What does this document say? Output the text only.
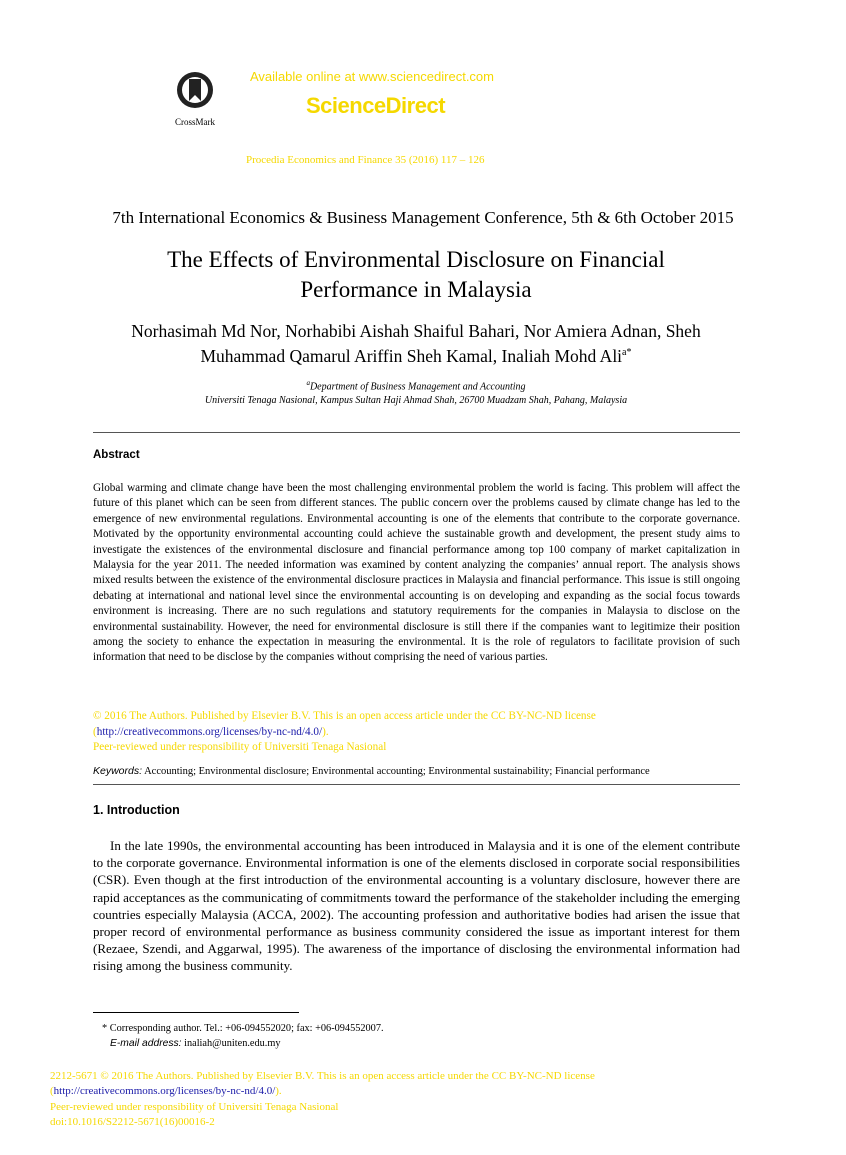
CrossMark
Available online at www.sciencedirect.com
ScienceDirect
Procedia Economics and Finance 35 (2016) 117 – 126
7th International Economics & Business Management Conference, 5th & 6th October 2015
The Effects of Environmental Disclosure on Financial
Performance in Malaysia
Norhasimah Md Nor, Norhabibi Aishah Shaiful Bahari, Nor Amiera Adnan, Sheh
Muhammad Qamarul Ariffin Sheh Kamal, Inaliah Mohd Ali$^{a*}$
$^a$Department of Business Management and Accounting
Universiti Tenaga Nasional, Kampus Sultan Haji Ahmad Shah, 26700 Muadzam Shah, Pahang, Malaysia
Abstract
Global warming and climate change have been the most challenging environmental problem the world is facing. This problem will affect the future of this planet which can be seen from different stances. The public concern over the problems caused by climate change has led to the emergence of new environmental regulations. Environmental accounting is one of the elements that contribute to the corporate governance. Motivated by the opportunity environmental accounting could achieve the sustainable growth and development, the present study aims to investigate the existences of the environmental disclosure and financial performance among top 100 company of market capitalization in Malaysia for the year 2011. The needed information was examined by content analyzing the companies’ annual report. The analysis shows mixed results between the existence of the environmental disclosure practices in Malaysia and financial performance. This issue is still ongoing debating at international and national level since the environmental accounting is on developing and expanding as the social focus towards environment is increasing. There are no such regulations and statutory requirements for the companies in Malaysia to disclose on the environmental sustainability. However, the need for environmental disclosure is still there if the companies want to legitimize their position among the society to enhance the expectation in measuring the environmental. It is the role of regulators to facilitate provision of such information that need to be disclose by the companies without comprising the need of various parties.
© 2016 The Authors. Published by Elsevier B.V. This is an open access article under the CC BY-NC-ND license
(http://creativecommons.org/licenses/by-nc-nd/4.0/).
Peer-reviewed under responsibility of Universiti Tenaga Nasional
Keywords: Accounting; Environmental disclosure; Environmental accounting; Environmental sustainability; Financial performance
1. Introduction
In the late 1990s, the environmental accounting has been introduced in Malaysia and it is one of the element contribute to the corporate governance. Environmental information is one of the elements disclosed in corporate social responsibilities (CSR). Even though at the first introduction of the environmental accounting is a voluntary disclosure, however there are rapid acceptances as the communicating of commitments toward the performance of the stakeholder including the emerging countries especially Malaysia (ACCA, 2002). The accounting profession and authoritative bodies had arisen the issue that proper record of environmental performance as business community considered the issue as important interest for them (Rezaee, Szendi, and Aggarwal, 1995). The awareness of the importance of disclosing the environmental information had rising among the business community.
* Corresponding author. Tel.: +06-094552020; fax: +06-094552007.
E-mail address: inaliah@uniten.edu.my
2212-5671 © 2016 The Authors. Published by Elsevier B.V. This is an open access article under the CC BY-NC-ND license
(http://creativecommons.org/licenses/by-nc-nd/4.0/).
Peer-reviewed under responsibility of Universiti Tenaga Nasional
doi:10.1016/S2212-5671(16)00016-2
